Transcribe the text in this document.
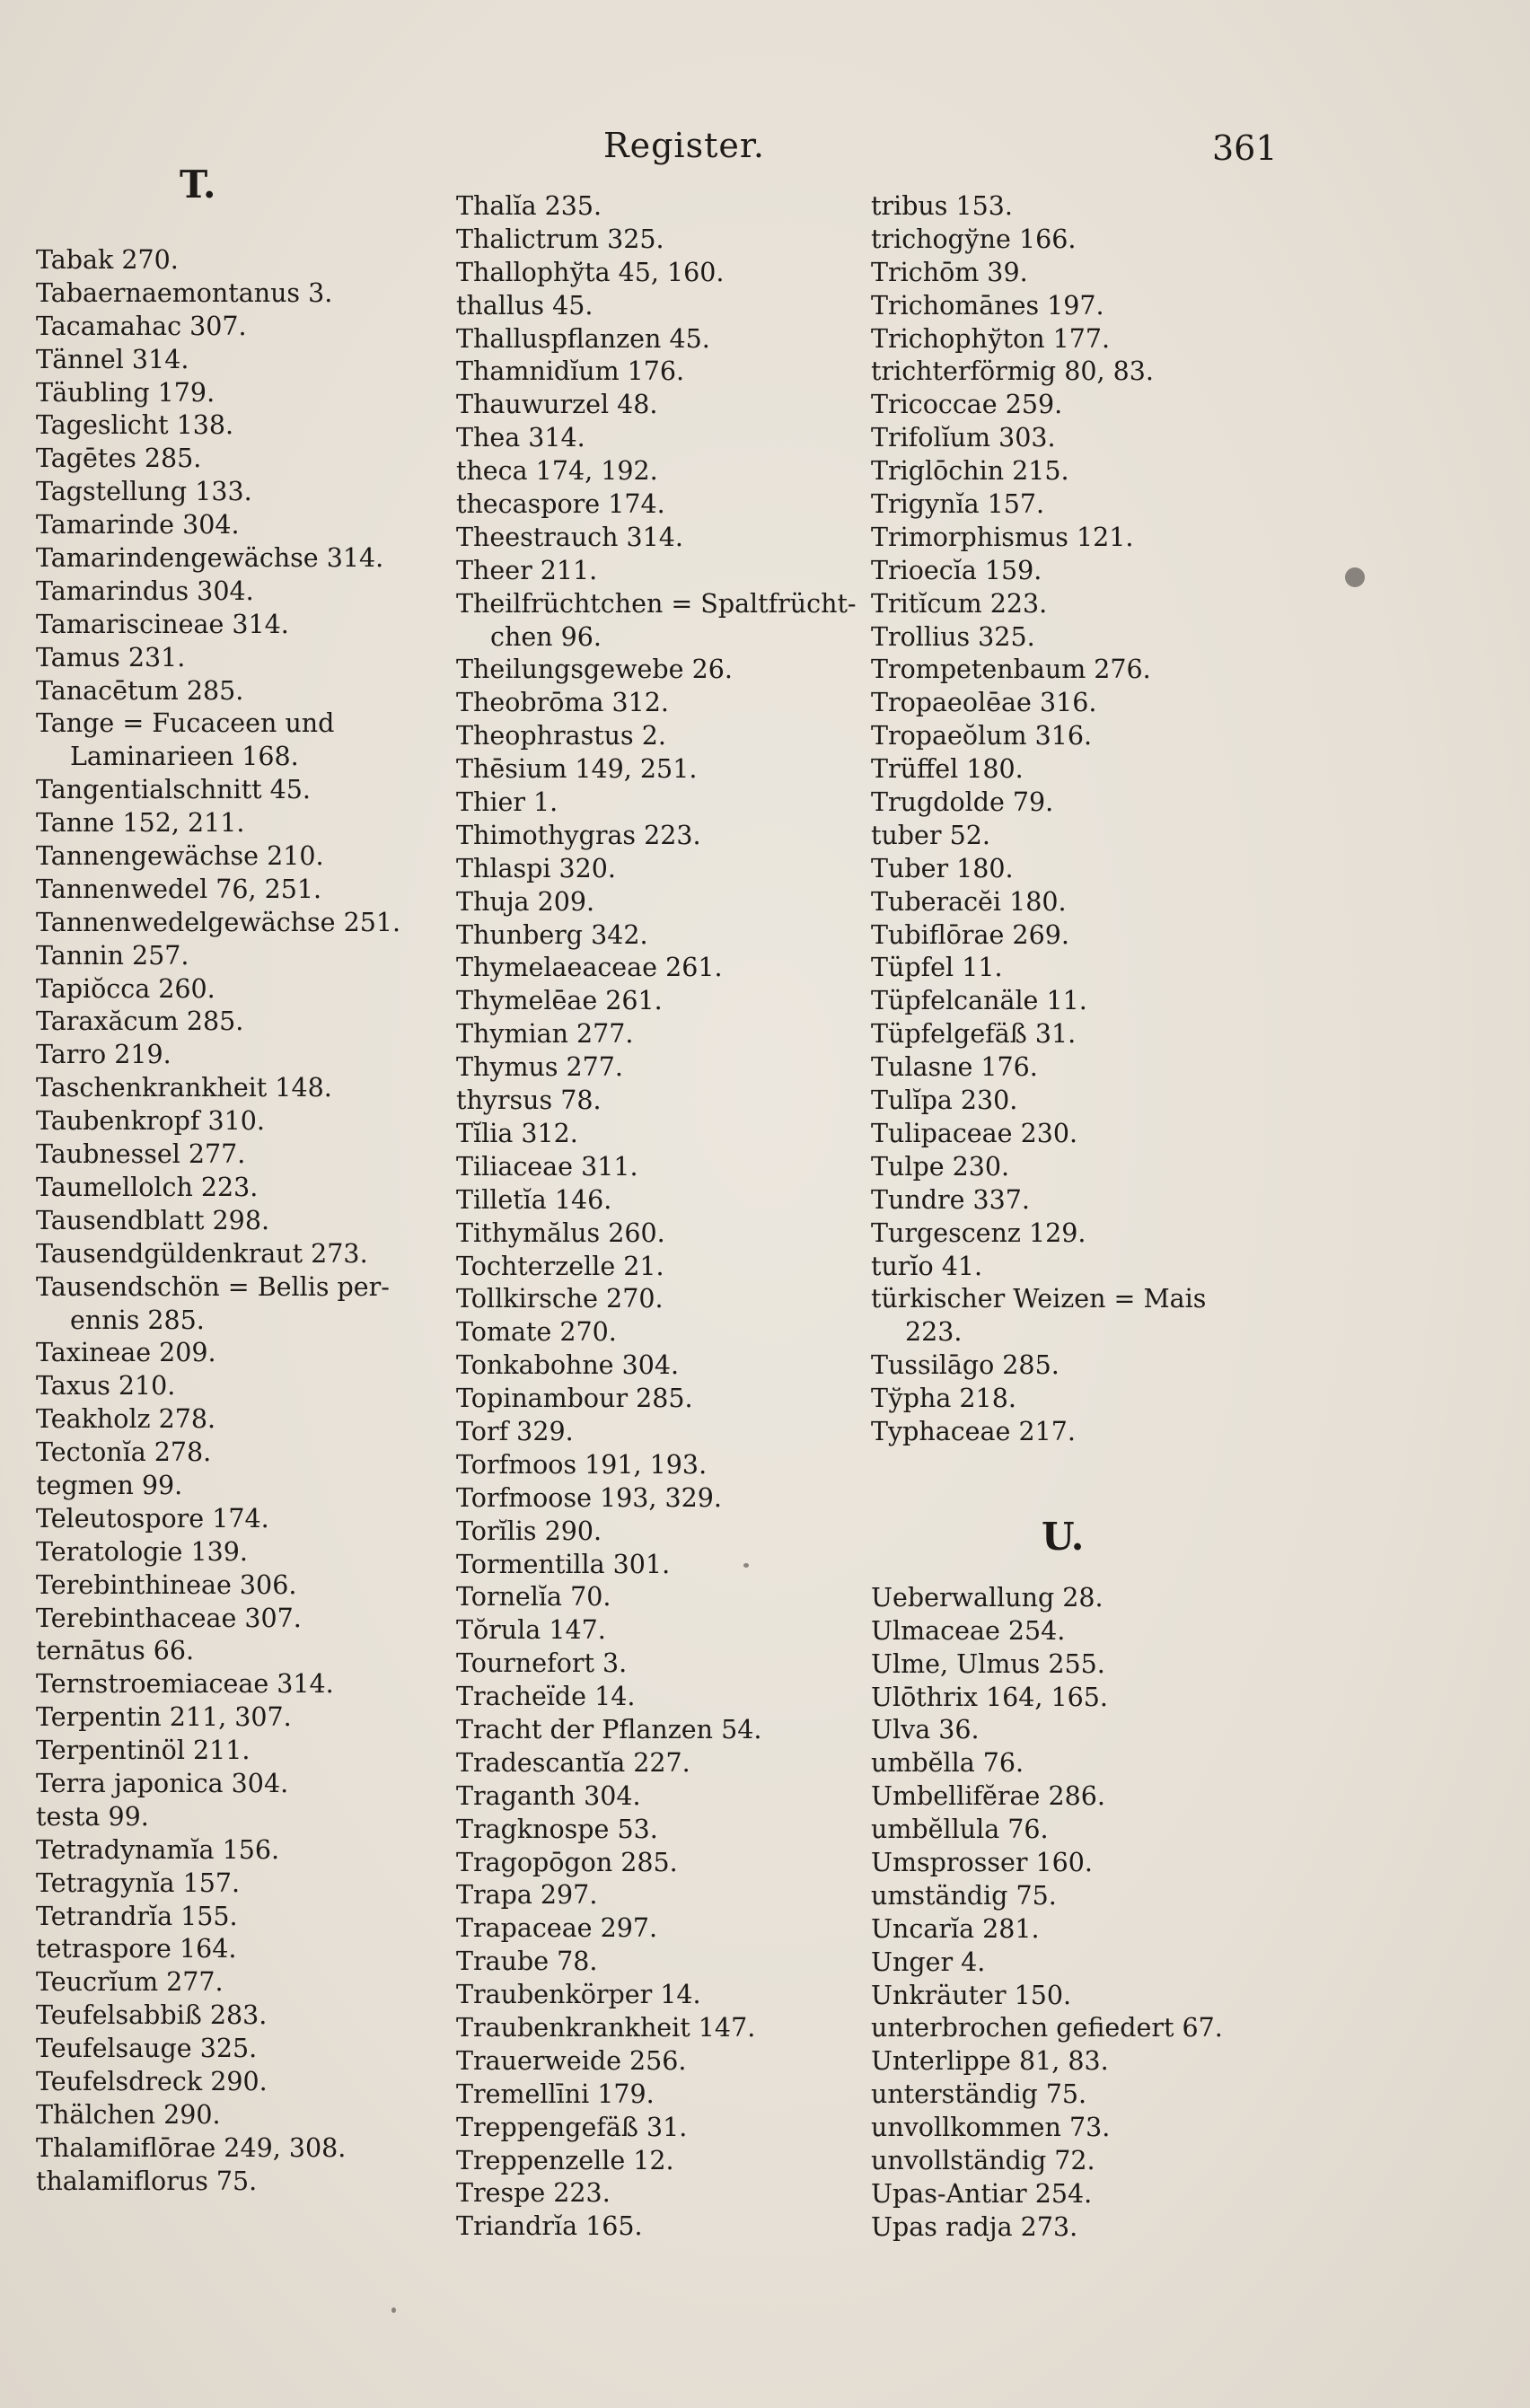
Register.	361
T.
Tabak 270.
Tabaernaemontanus 3.
Tacamahac 307.
Tännel 314.
Täubling 179.
Tageslicht 138.
Tagētes 285.
Tagstellung 133.
Tamarinde 304.
Tamarindengewächse 314.
Tamarindus 304.
Tamariscineae 314.
Tamus 231.
Tanacētum 285.
Tange = Fucaceen und
Laminarieen 168.
Tangentialschnitt 45.
Tanne 152, 211.
Tannengewächse 210.
Tannenwedel 76, 251.
Tannenwedelgewächse 251.
Tannin 257.
Tapiŏcca 260.
Taraxăcum 285.
Tarro 219.
Taschenkrankheit 148.
Taubenkropf 310.
Taubnessel 277.
Taumellolch 223.
Tausendblatt 298.
Tausendgüldenkraut 273.
Tausendschön = Bellis per-
ennis 285.
Taxineae 209.
Taxus 210.
Teakholz 278.
Tectonĭa 278.
tegmen 99.
Teleutospore 174.
Teratologie 139.
Terebinthineae 306.
Terebinthaceae 307.
ternātus 66.
Ternstroemiaceae 314.
Terpentin 211, 307.
Terpentinöl 211.
Terra japonica 304.
testa 99.
Tetradynamĭa 156.
Tetragynĭa 157.
Tetrandrĭa 155.
tetraspore 164.
Teucrĭum 277.
Teufelsabbiß 283.
Teufelsauge 325.
Teufelsdreck 290.
Thälchen 290.
Thalamiflōrae 249, 308.
thalamiflorus 75.
Thalĭa 235.
Thalictrum 325.
Thallophўta 45, 160.
thallus 45.
Thalluspflanzen 45.
Thamnidĭum 176.
Thauwurzel 48.
Thea 314.
theca 174, 192.
thecaspore 174.
Theestrauch 314.
Theer 211.
Theilfrüchtchen = Spaltfrücht-
chen 96.
Theilungsgewebe 26.
Theobrōma 312.
Theophrastus 2.
Thēsium 149, 251.
Thier 1.
Thimothygras 223.
Thlaspi 320.
Thuja 209.
Thunberg 342.
Thymelaeaceae 261.
Thymelēae 261.
Thymian 277.
Thymus 277.
thyrsus 78.
Tĭlia 312.
Tiliaceae 311.
Tilletĭa 146.
Tithymălus 260.
Tochterzelle 21.
Tollkirsche 270.
Tomate 270.
Tonkabohne 304.
Topinambour 285.
Torf 329.
Torfmoos 191, 193.
Torfmoose 193, 329.
Torĭlis 290.
Tormentilla 301.
Tornelĭa 70.
Tŏrula 147.
Tournefort 3.
Tracheïde 14.
Tracht der Pflanzen 54.
Tradescantĭa 227.
Traganth 304.
Tragknospe 53.
Tragopōgon 285.
Trapa 297.
Trapaceae 297.
Traube 78.
Traubenkörper 14.
Traubenkrankheit 147.
Trauerweide 256.
Tremellīni 179.
Treppengefäß 31.
Treppenzelle 12.
Trespe 223.
Triandrĭa 165.
tribus 153.
trichogўne 166.
Trichōm 39.
Trichomānes 197.
Trichophўton 177.
trichterförmig 80, 83.
Tricoccae 259.
Trifolĭum 303.
Triglōchin 215.
Trigynĭa 157.
Trimorphismus 121.
Trioecĭa 159.
Tritĭcum 223.
Trollius 325.
Trompetenbaum 276.
Tropaeolēae 316.
Tropaeŏlum 316.
Trüffel 180.
Trugdolde 79.
tuber 52.
Tuber 180.
Tuberacĕi 180.
Tubiflōrae 269.
Tüpfel 11.
Tüpfelcanäle 11.
Tüpfelgefäß 31.
Tulasne 176.
Tulĭpa 230.
Tulipaceae 230.
Tulpe 230.
Tundre 337.
Turgescenz 129.
turĭo 41.
türkischer Weizen = Mais
223.
Tussilāgo 285.
Tўpha 218.
Typhaceae 217.
U.
Ueberwallung 28.
Ulmaceae 254.
Ulme, Ulmus 255.
Ulōthrix 164, 165.
Ulva 36.
umbĕlla 76.
Umbellifĕrae 286.
umbĕllula 76.
Umsprosser 160.
umständig 75.
Uncarĭa 281.
Unger 4.
Unkräuter 150.
unterbrochen gefiedert 67.
Unterlippe 81, 83.
unterständig 75.
unvollkommen 73.
unvollständig 72.
Upas-Antiar 254.
Upas radja 273.
